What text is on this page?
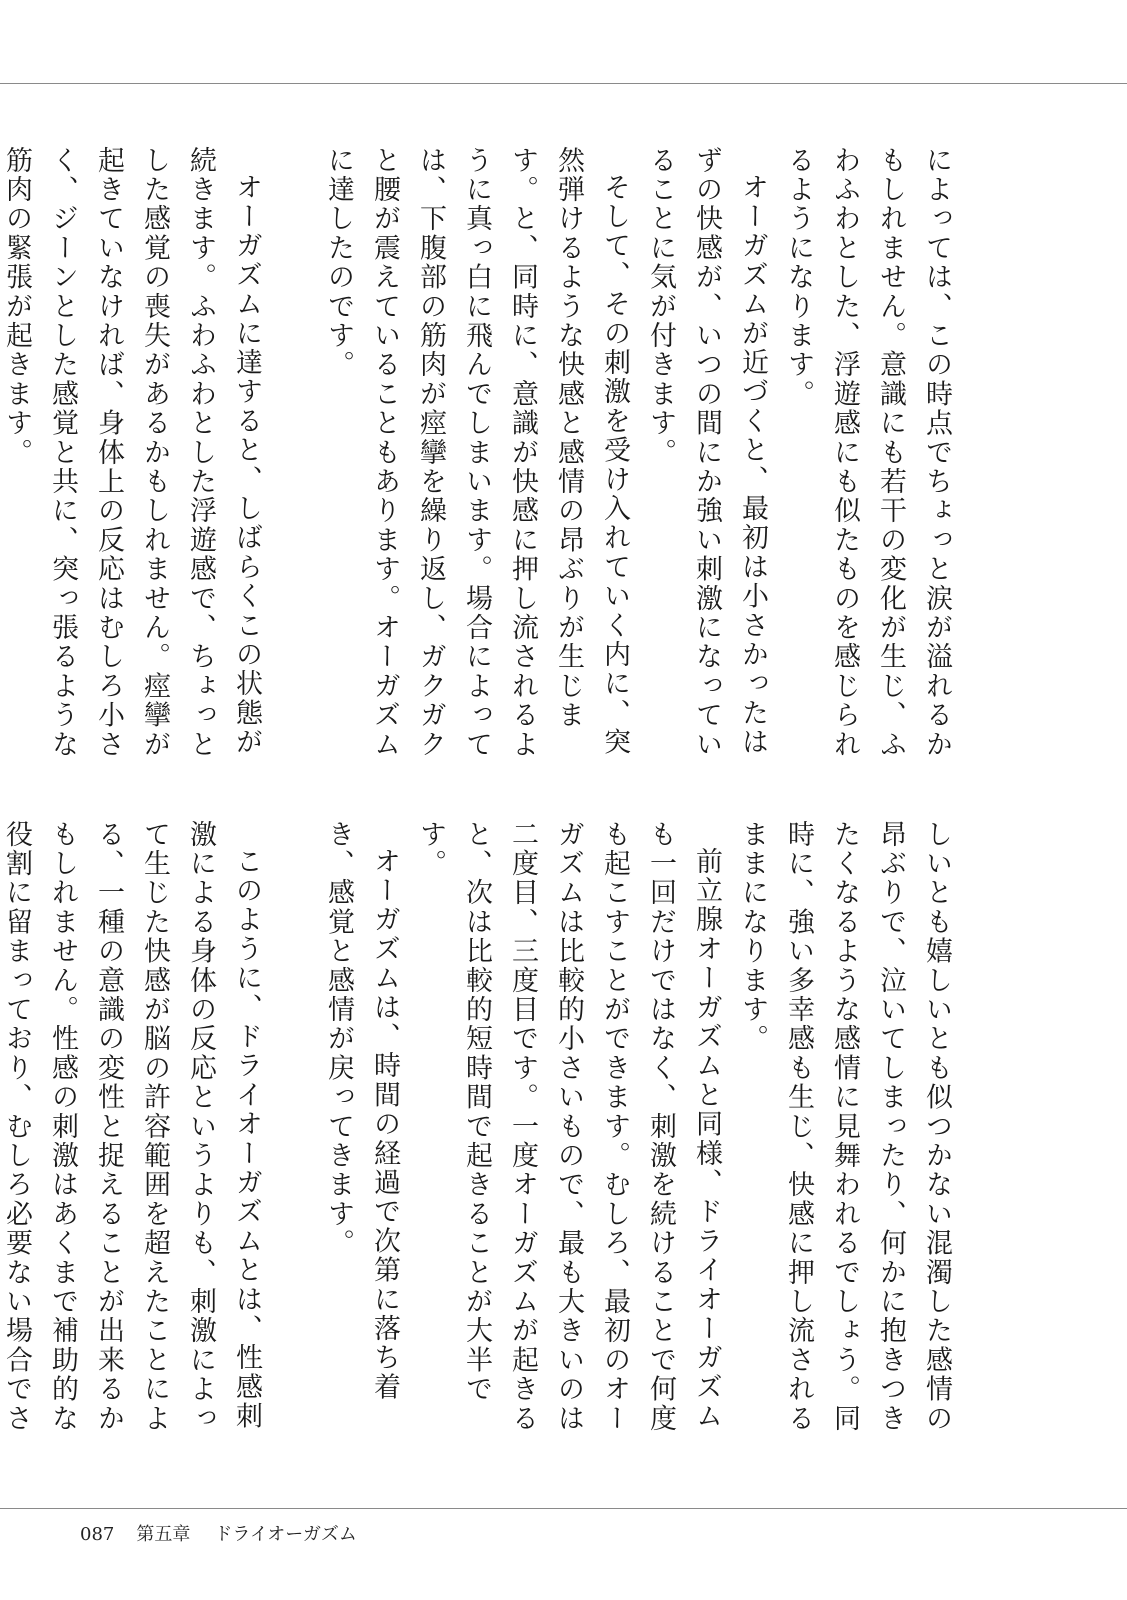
によっては、この時点でちょっと涙が溢れるかもしれません。意識にも若干の変化が生じ、ふわふわとした、浮遊感にも似たものを感じられるようになります。

オーガズムが近づくと、最初は小さかったはずの快感が、いつの間にか強い刺激になっていることに気が付きます。

そして、その刺激を受け入れていく内に、突然弾けるような快感と感情の昂ぶりが生じます。と、同時に、意識が快感に押し流されるように真っ白に飛んでしまいます。場合によっては、下腹部の筋肉が痙攣を繰り返し、ガクガクと腰が震えていることもあります。オーガズムに達したのです。

オーガズムに達すると、しばらくこの状態が続きます。ふわふわとした浮遊感で、ちょっとした感覚の喪失があるかもしれません。痙攣が起きていなければ、身体上の反応はむしろ小さく、ジーンとした感覚と共に、突っ張るような筋肉の緊張が起きます。

しいとも嬉しいとも似つかない混濁した感情の昂ぶりで、泣いてしまったり、何かに抱きつきたくなるような感情に見舞われるでしょう。同時に、強い多幸感も生じ、快感に押し流されるままになります。

前立腺オーガズムと同様、ドライオーガズムも一回だけではなく、刺激を続けることで何度も起こすことができます。むしろ、最初のオーガズムは比較的小さいもので、最も大きいのは二度目、三度目です。一度オーガズムが起きると、次は比較的短時間で起きることが大半です。

オーガズムは、時間の経過で次第に落ち着き、感覚と感情が戻ってきます。

このように、ドライオーガズムとは、性感刺激による身体の反応というよりも、刺激によって生じた快感が脳の許容範囲を超えたことによる、一種の意識の変性と捉えることが出来るかもしれません。性感の刺激はあくまで補助的な役割に留まっており、むしろ必要ない場合でさ

087 第五章 ドライオーガズム
